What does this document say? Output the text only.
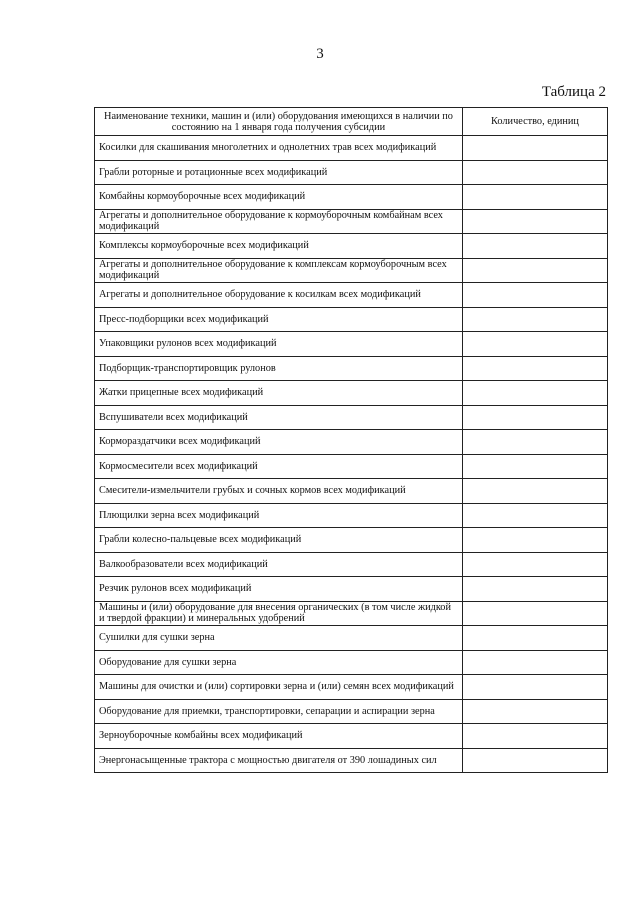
3
Таблица 2
Наименование техники, машин и (или) оборудования имеющихся в наличии по состоянию на 1 января года получения субсидии	Количество, единиц
Косилки для скашивания многолетних и однолетних трав всех модификаций	
Грабли роторные и ротационные всех модификаций	
Комбайны кормоуборочные всех модификаций	
Агрегаты и дополнительное оборудование к кормоуборочным комбайнам всех модификаций	
Комплексы кормоуборочные всех модификаций	
Агрегаты и дополнительное оборудование к комплексам кормоуборочным всех модификаций	
Агрегаты и дополнительное оборудование к косилкам всех модификаций	
Пресс-подборщики всех модификаций	
Упаковщики рулонов всех модификаций	
Подборщик-транспортировщик рулонов	
Жатки прицепные всех модификаций	
Вспушиватели всех модификаций	
Кормораздатчики всех модификаций	
Кормосмесители всех модификаций	
Смесители-измельчители грубых и сочных кормов всех модификаций	
Плющилки зерна всех модификаций	
Грабли колесно-пальцевые всех модификаций	
Валкообразователи всех модификаций	
Резчик рулонов всех модификаций	
Машины и (или) оборудование для внесения органических (в том числе жидкой и твердой фракции) и минеральных удобрений	
Сушилки для сушки зерна	
Оборудование для сушки зерна	
Машины для очистки и (или) сортировки зерна и (или) семян всех модификаций	
Оборудование для приемки, транспортировки, сепарации и аспирации зерна	
Зерноуборочные комбайны всех модификаций	
Энергонасыщенные трактора с мощностью двигателя от 390 лошадиных сил	
